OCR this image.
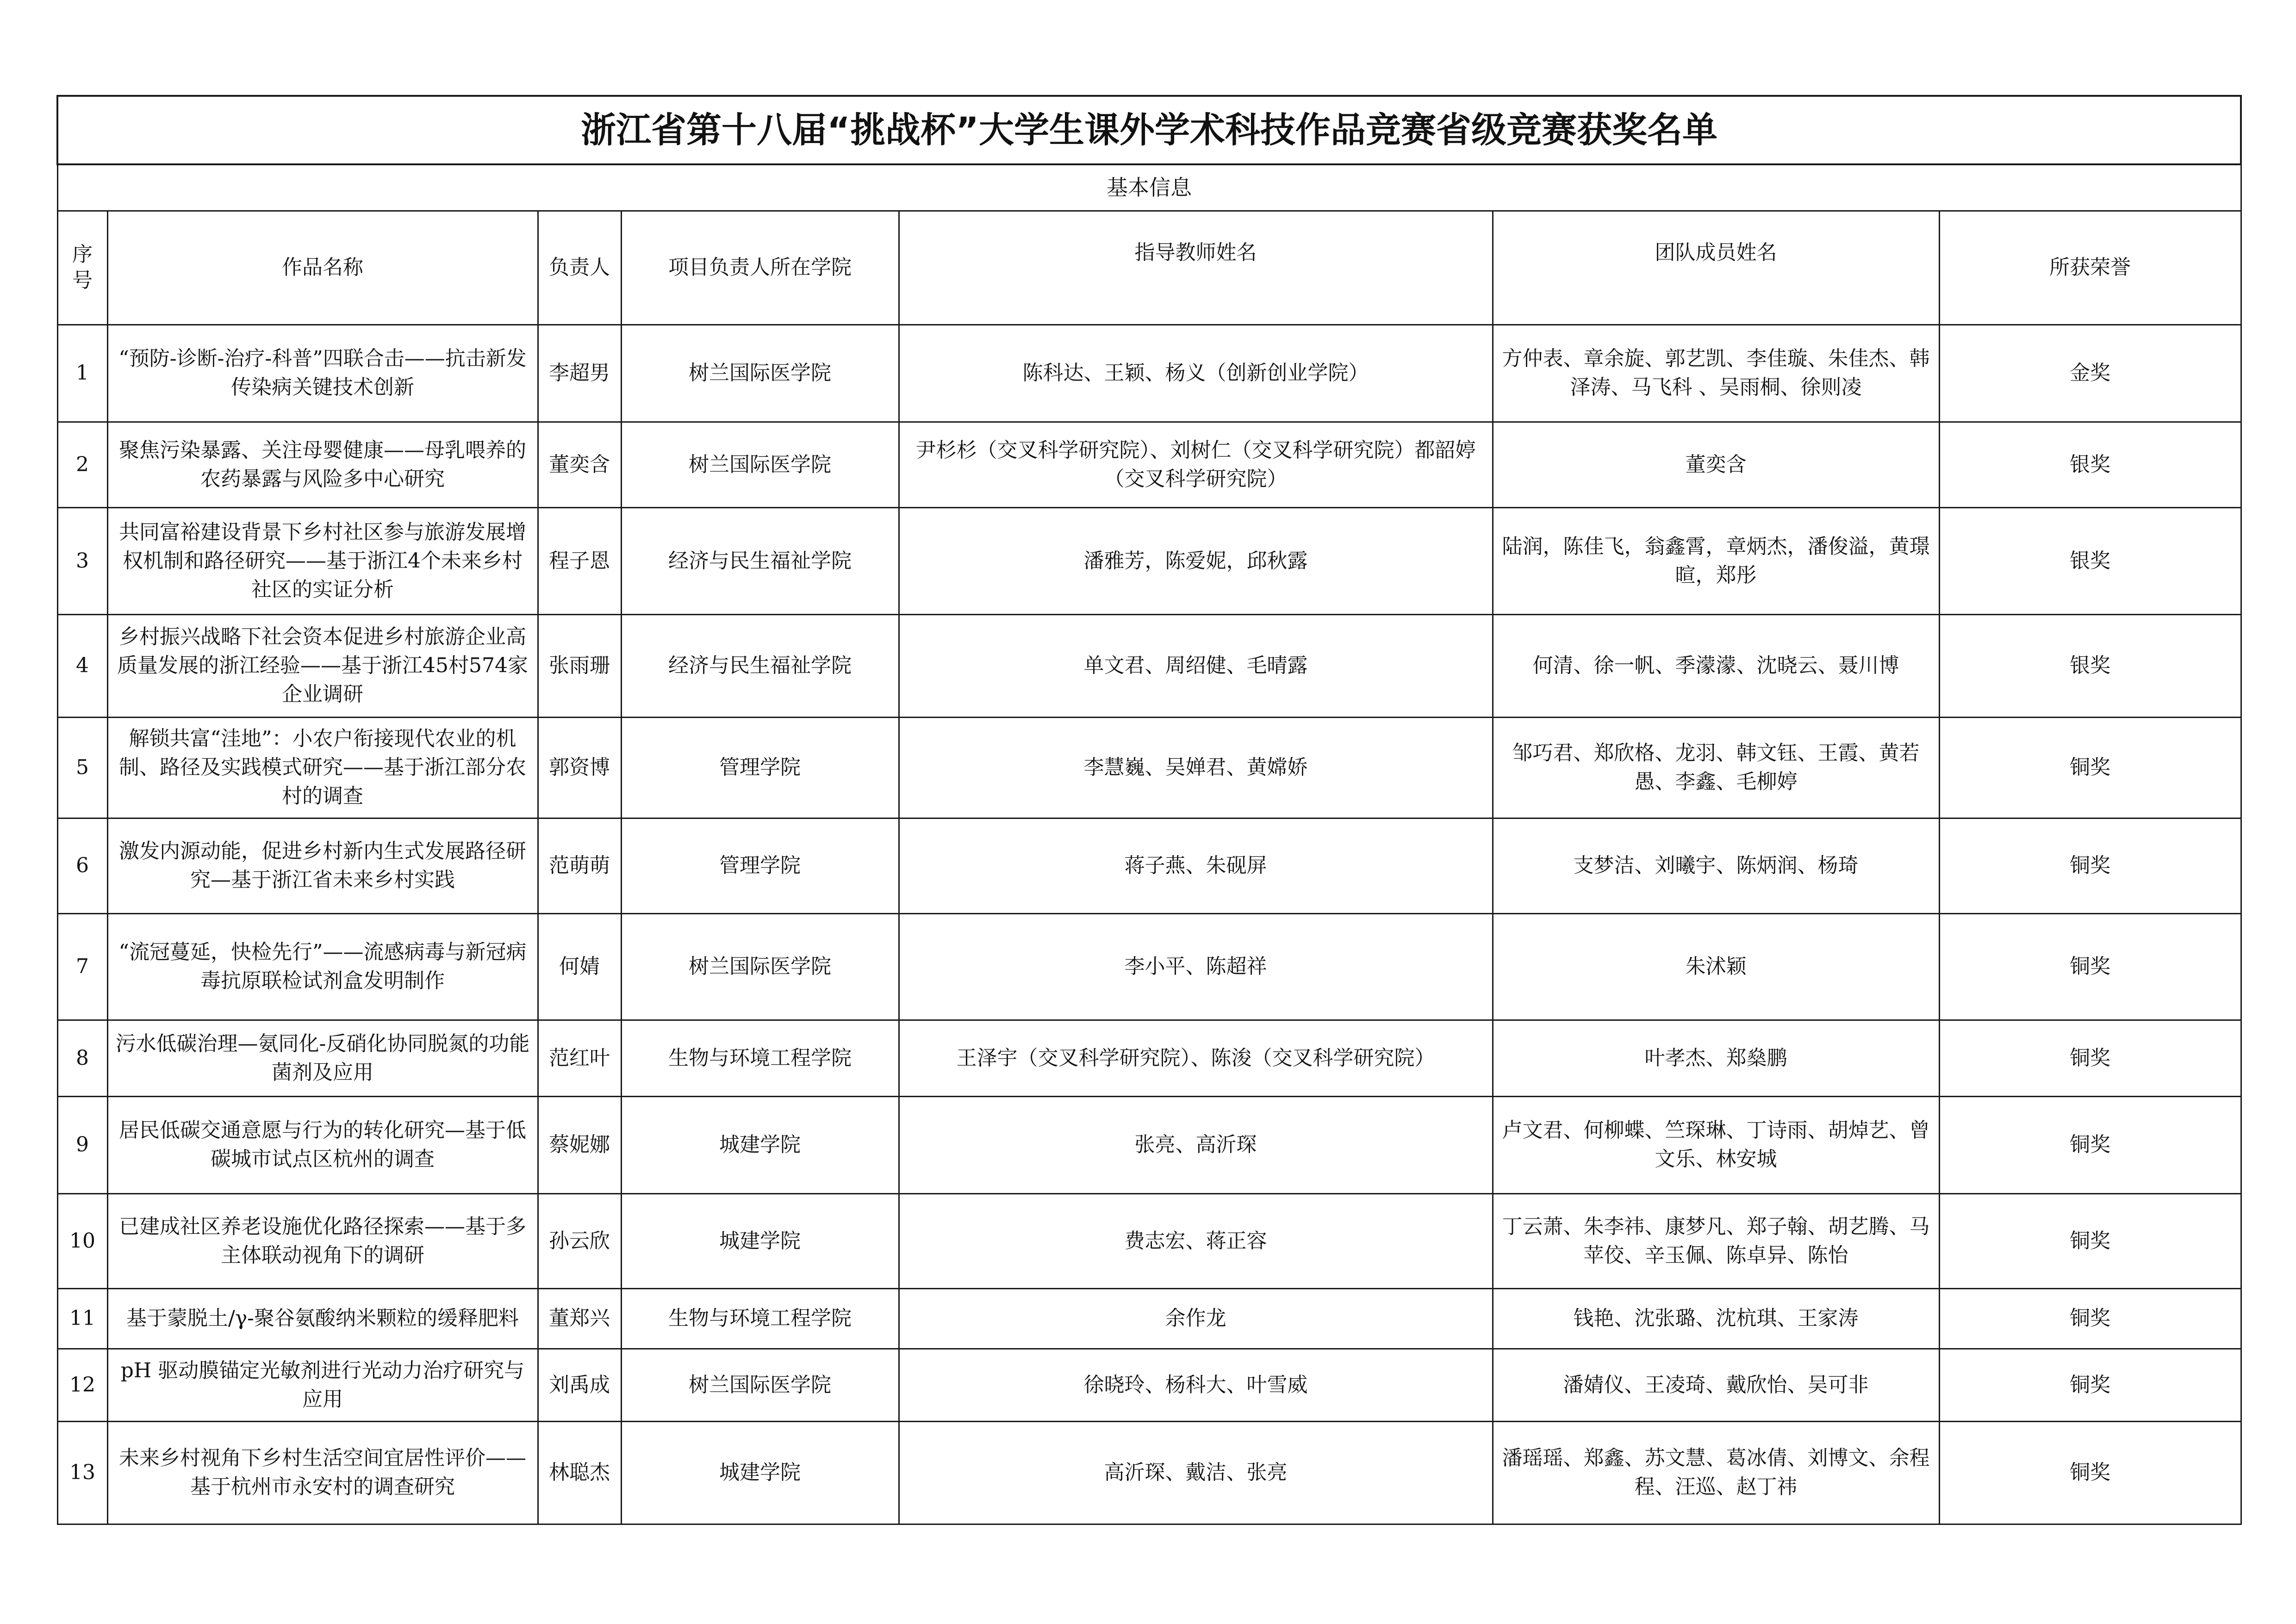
浙江省第十八届“挑战杯”大学生课外学术科技作品竞赛省级竞赛获奖名单						
基本信息						

序号	作品名称	负责人	项目负责人所在学院	指导教师姓名	团队成员姓名	所获荣誉
1	“预防-诊断-治疗-科普”四联合击——抗击新发传染病关键技术创新	李超男	树兰国际医学院	陈科达、王颖、杨义（创新创业学院）	方仲表、章余旋、郭艺凯、李佳璇、朱佳杰、韩泽涛、马飞科 、吴雨桐、徐则凌	金奖
2	聚焦污染暴露、关注母婴健康——母乳喂养的农药暴露与风险多中心研究	董奕含	树兰国际医学院	尹杉杉（交叉科学研究院）、刘树仁（交叉科学研究院）都韶婷（交叉科学研究院）	董奕含	银奖
3	共同富裕建设背景下乡村社区参与旅游发展增权机制和路径研究——基于浙江4个未来乡村社区的实证分析	程子恩	经济与民生福祉学院	潘雅芳，陈爱妮，邱秋露	陆润，陈佳飞，翁鑫霄，章炳杰，潘俊溢，黄璟暄，郑彤	银奖
4	乡村振兴战略下社会资本促进乡村旅游企业高质量发展的浙江经验——基于浙江45村574家企业调研	张雨珊	经济与民生福祉学院	单文君、周绍健、毛晴露	何清、徐一帆、季濛濛、沈晓云、聂川博	银奖
5	解锁共富“洼地”：小农户衔接现代农业的机制、路径及实践模式研究——基于浙江部分农村的调查	郭资博	管理学院	李慧巍、吴婵君、黄嫦娇	邹巧君、郑欣格、龙羽、韩文钰、王霞、黄若愚、李鑫、毛柳婷	铜奖
6	激发内源动能，促进乡村新内生式发展路径研究—基于浙江省未来乡村实践	范萌萌	管理学院	蒋子燕、朱砚屏	支梦洁、刘曦宇、陈炳润、杨琦	铜奖
7	“流冠蔓延，快检先行”——流感病毒与新冠病毒抗原联检试剂盒发明制作	何婧	树兰国际医学院	李小平、陈超祥	朱沭颖	铜奖
8	污水低碳治理—氨同化-反硝化协同脱氮的功能菌剂及应用	范红叶	生物与环境工程学院	王泽宇（交叉科学研究院）、陈浚（交叉科学研究院）	叶孝杰、郑燊鹏	铜奖
9	居民低碳交通意愿与行为的转化研究—基于低碳城市试点区杭州的调查	蔡妮娜	城建学院	张亮、高沂琛	卢文君、何柳蝶、竺琛琳、丁诗雨、胡焯艺、曾文乐、林安城	铜奖
10	已建成社区养老设施优化路径探索——基于多主体联动视角下的调研	孙云欣	城建学院	费志宏、蒋正容	丁云萧、朱李祎、康梦凡、郑子翰、胡艺腾、马苹佼、辛玉佩、陈卓异、陈怡	铜奖
11	基于蒙脱土/γ-聚谷氨酸纳米颗粒的缓释肥料	董郑兴	生物与环境工程学院	余作龙	钱艳、沈张璐、沈杭琪、王家涛	铜奖
12	pH 驱动膜锚定光敏剂进行光动力治疗研究与应用	刘禹成	树兰国际医学院	徐晓玲、杨科大、叶雪威	潘婧仪、王凌琦、戴欣怡、吴可非	铜奖
13	未来乡村视角下乡村生活空间宜居性评价——基于杭州市永安村的调查研究	林聪杰	城建学院	高沂琛、戴洁、张亮	潘瑶瑶、郑鑫、苏文慧、葛冰倩、刘博文、余程程、汪巡、赵丁祎	铜奖
